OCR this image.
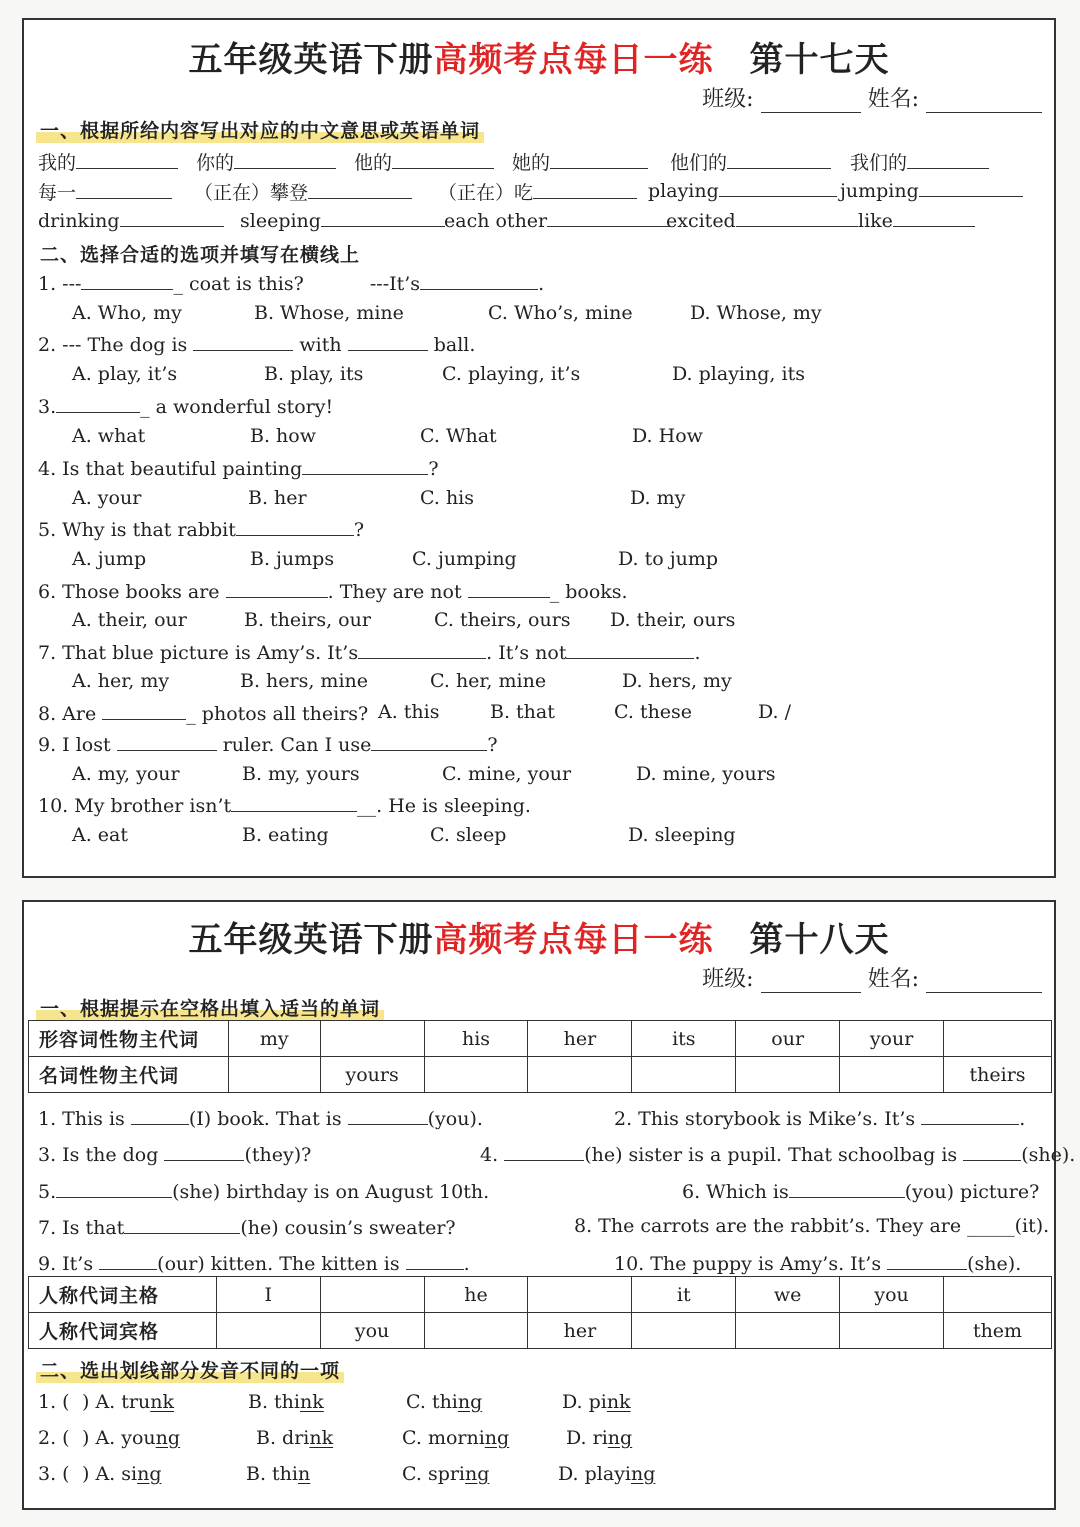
五年级英语下册高频考点每日一练 第十七天
班级:	姓名:
一、根据所给内容写出对应的中文意思或英语单词
我的	你的	他的	她的	他们的	我们的
每一	（正在）攀登	（正在）吃	playing	jumping
drinking	sleeping	each other	excited	like
二、选择合适的选项并填写在横线上
1. ---	_ coat is this?	---It’s	.
A. Who, my	B. Whose, mine	C. Who’s, mine	D. Whose, my
2. --- The dog is	with	ball.
A. play, it’s	B. play, its	C. playing, it’s	D. playing, its
3.	_ a wonderful story!
A. what	B. how	C. What	D. How
4. Is that beautiful painting	?
A. your	B. her	C. his	D. my
5. Why is that rabbit	?
A. jump	B. jumps	C. jumping	D. to jump
6. Those books are	. They are not	_ books.
A. their, our	B. theirs, our	C. theirs, ours D. their, ours
7. That blue picture is Amy’s. It’s	. It’s not	.
A. her, my	B. hers, mine	C. her, mine	D. hers, my
8. Are	_ photos all theirs? A. this	B. that	C. these	D. /
9. I lost	ruler. Can I use	?
A. my, your	B. my, yours	C. mine, your	D. mine, yours
10. My brother isn’t	__. He is sleeping.
A. eat	B. eating	C. sleep	D. sleeping
五年级英语下册高频考点每日一练 第十八天
班级:	姓名:
一、根据提示在空格出填入适当的单词
形容词性物主代词	my		his	her	its	our	your	
名词性物主代词		yours						theirs
1. This is	(I) book. That is	(you).	2. This storybook is Mike’s. It’s	.
3. Is the dog	(they)?	4.	(he) sister is a pupil. That schoolbag is	(she).
5.	(she) birthday is on August 10th.	6. Which is	(you) picture?
7. Is that	(he) cousin’s sweater?	8. The carrots are the rabbit’s. They are _____(it).
9. It’s	(our) kitten. The kitten is	.	10. The puppy is Amy’s. It’s	(she).
人称代词主格	I		he		it	we	you	
人称代词宾格		you		her				them
二、选出划线部分发音不同的一项
1. ( ) A. trunk	B. think	C. thing	D. pink
2. ( ) A. young	B. drink	C. morning	D. ring
3. ( ) A. sing	B. thin	C. spring	D. playing
